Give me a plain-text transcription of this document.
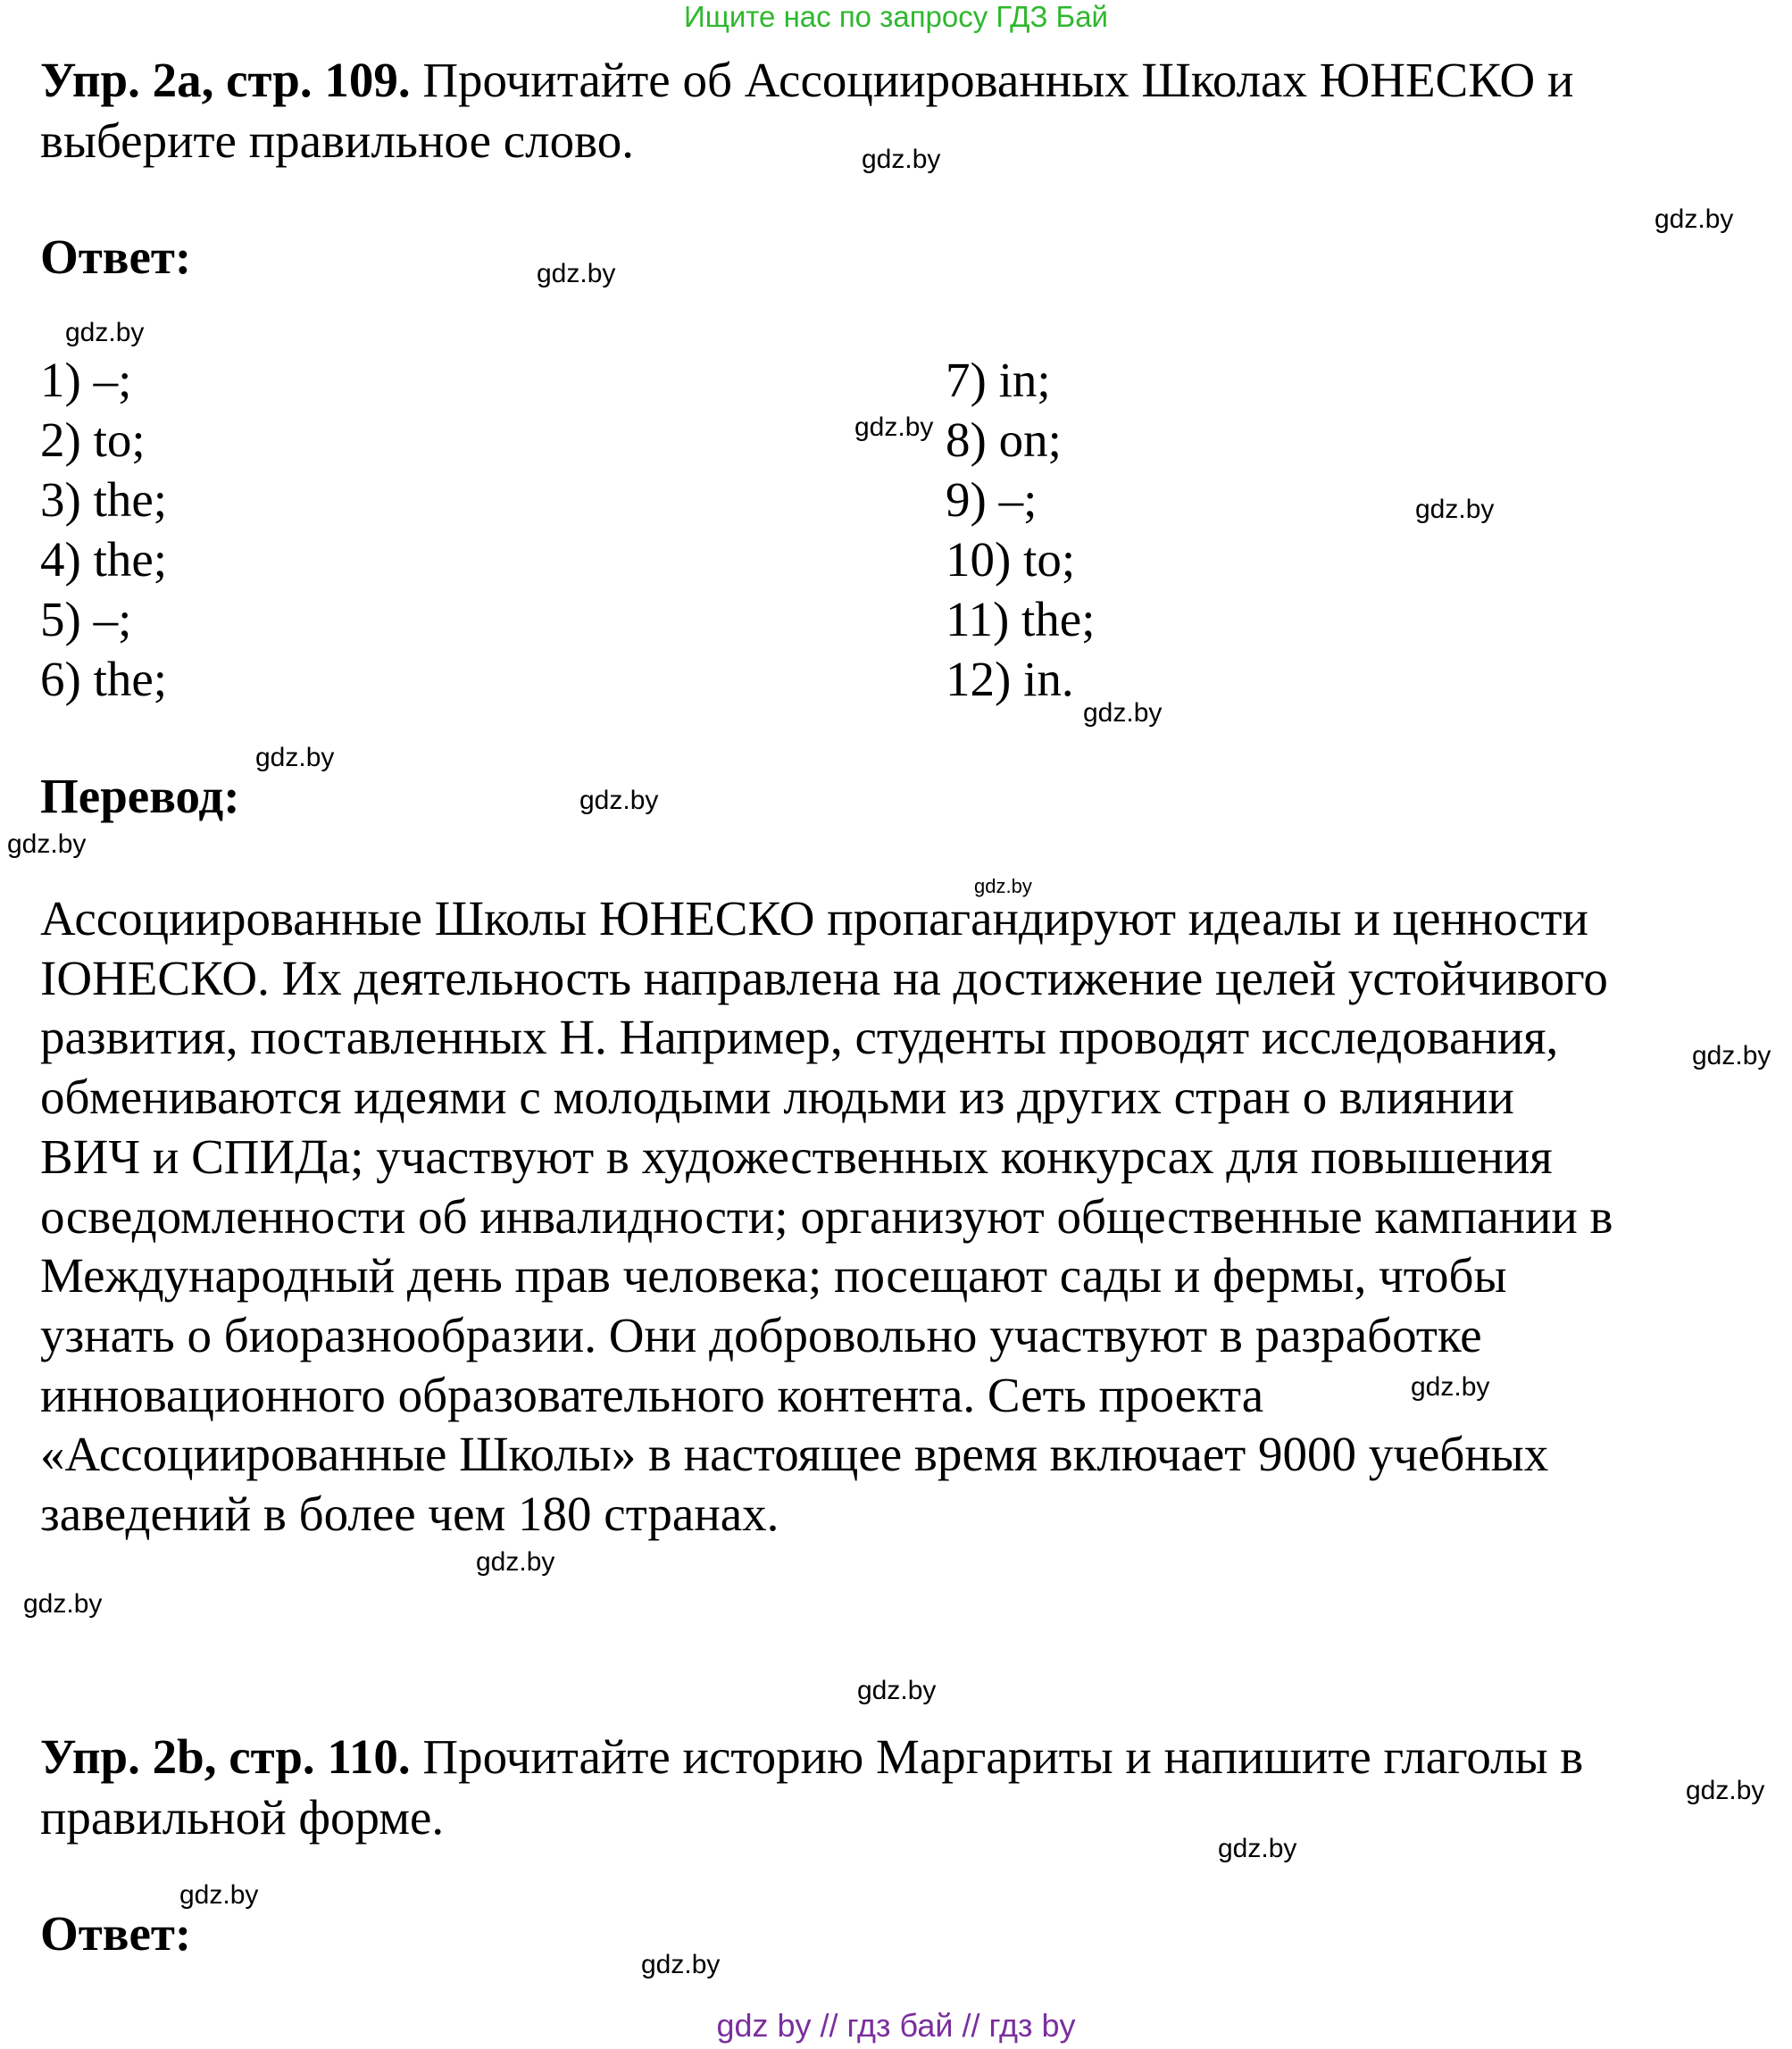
Ищите нас по запросу ГДЗ Бай
Упр. 2а, стр. 109. Прочитайте об Ассоциированных Школах ЮНЕСКО и
выберите правильное слово.
Ответ:
1) –;
2) to;
3) the;
4) the;
5) –;
6) the;
7) in;
8) on;
9) –;
10) to;
11) the;
12) in.
Перевод:
Ассоциированные Школы ЮНЕСКО пропагандируют идеалы и ценности
IОНЕСКО. Их деятельность направлена на достижение целей устойчивого
развития, поставленных Н. Например, студенты проводят исследования,
обмениваются идеями с молодыми людьми из других стран о влиянии
ВИЧ и СПИДа; участвуют в художественных конкурсах для повышения
осведомленности об инвалидности; организуют общественные кампании в
Международный день прав человека; посещают сады и фермы, чтобы
узнать о биоразнообразии. Они добровольно участвуют в разработке
инновационного образовательного контента. Сеть проекта
«Ассоциированные Школы» в настоящее время включает 9000 учебных
заведений в более чем 180 странах.
Упр. 2b, стр. 110. Прочитайте историю Маргариты и напишите глаголы в
правильной форме.
Ответ:
gdz.by
gdz.by
gdz.by
gdz.by
gdz.by
gdz.by
gdz.by
gdz.by
gdz.by
gdz.by
gdz.by
gdz.by
gdz.by
gdz.by
gdz.by
gdz.by
gdz.by
gdz.by
gdz.by
gdz.by
gdz by // гдз бай // гдз by
